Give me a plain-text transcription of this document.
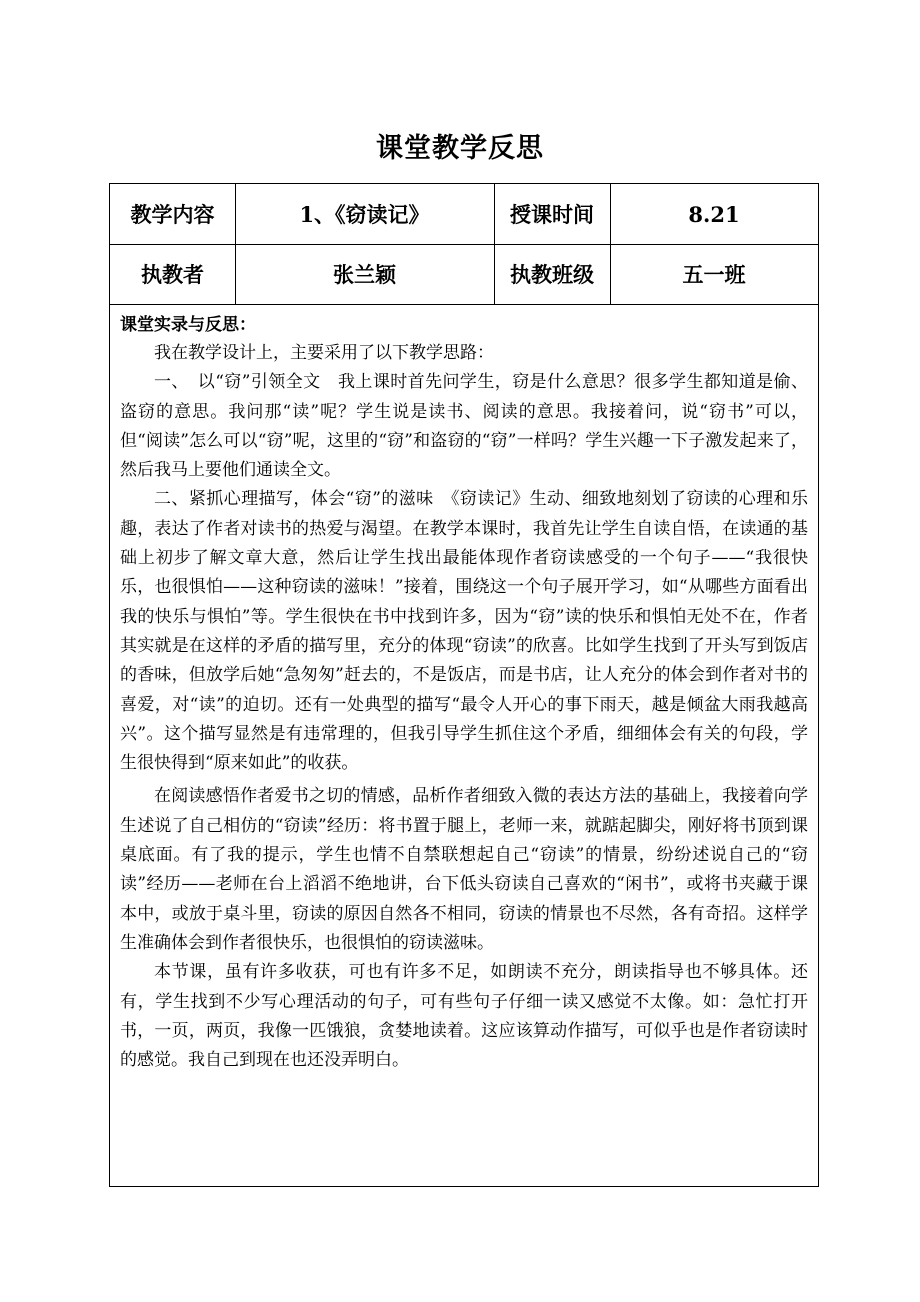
课堂教学反思
教学内容	1、《窃读记》	授课时间	8.21
执教者	张兰颖	执教班级	五一班

课堂实录与反思：

我在教学设计上，主要采用了以下教学思路：

一、　以“窃”引领全文　我上课时首先问学生，窃是什么意思？很多学生都知道是偷、盗窃的意思。我问那“读”呢？学生说是读书、阅读的意思。我接着问，说“窃书”可以，但“阅读”怎么可以“窃”呢，这里的“窃”和盗窃的“窃”一样吗？学生兴趣一下子激发起来了，然后我马上要他们通读全文。

二、紧抓心理描写，体会“窃”的滋味　《窃读记》生动、细致地刻划了窃读的心理和乐趣，表达了作者对读书的热爱与渴望。在教学本课时，我首先让学生自读自悟，在读通的基础上初步了解文章大意，然后让学生找出最能体现作者窃读感受的一个句子——“我很快乐，也很惧怕——这种窃读的滋味！”接着，围绕这一个句子展开学习，如“从哪些方面看出我的快乐与惧怕”等。学生很快在书中找到许多，因为“窃”读的快乐和惧怕无处不在，作者其实就是在这样的矛盾的描写里，充分的体现“窃读”的欣喜。比如学生找到了开头写到饭店的香味，但放学后她“急匆匆”赶去的，不是饭店，而是书店，让人充分的体会到作者对书的喜爱，对“读”的迫切。还有一处典型的描写“最令人开心的事下雨天，越是倾盆大雨我越高兴”。这个描写显然是有违常理的，但我引导学生抓住这个矛盾，细细体会有关的句段，学生很快得到“原来如此”的收获。

在阅读感悟作者爱书之切的情感，品析作者细致入微的表达方法的基础上，我接着向学生述说了自己相仿的“窃读”经历：将书置于腿上，老师一来，就踮起脚尖，刚好将书顶到课桌底面。有了我的提示，学生也情不自禁联想起自己“窃读”的情景，纷纷述说自己的“窃读”经历——老师在台上滔滔不绝地讲，台下低头窃读自己喜欢的“闲书”，或将书夹藏于课本中，或放于桌斗里，窃读的原因自然各不相同，窃读的情景也不尽然，各有奇招。这样学生准确体会到作者很快乐，也很惧怕的窃读滋味。

本节课，虽有许多收获，可也有许多不足，如朗读不充分，朗读指导也不够具体。还有，学生找到不少写心理活动的句子，可有些句子仔细一读又感觉不太像。如：急忙打开书，一页，两页，我像一匹饿狼，贪婪地读着。这应该算动作描写，可似乎也是作者窃读时的感觉。我自己到现在也还没弄明白。
